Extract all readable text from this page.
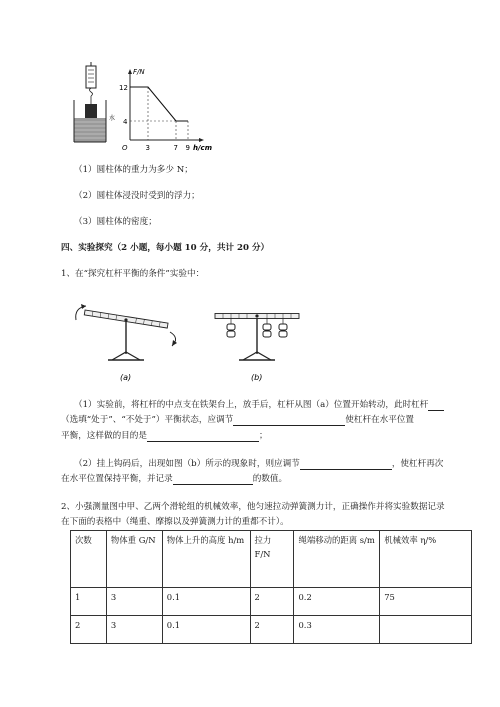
水
F/N
12
4
O	3	7 9 h/cm
（1）圆柱体的重力为多少 N；
（2）圆柱体浸没时受到的浮力；
（3）圆柱体的密度；
四、实验探究（2 小题，每小题 10 分，共计 20 分）
1、在“探究杠杆平衡的条件”实验中：
(a)	(b)
（1）实验前，将杠杆的中点支在铁架台上，放手后，杠杆从图（a）位置开始转动，此时杠杆
（选填“处于”、“不处于”）平衡状态，应调节	使杠杆在水平位置
平衡，这样做的目的是	；
（2）挂上钩码后，出现如图（b）所示的现象时，则应调节	，使杠杆再次
在水平位置保持平衡，并记录	的数值。
2、小强测量图中甲、乙两个滑轮组的机械效率，他匀速拉动弹簧测力计，正确操作并将实验数据记录
在下面的表格中（绳重、摩擦以及弹簧测力计的重都不计）。
次数	物体重 G/N	物体上升的高度 h/m	拉力 F/N	绳端移动的距离 s/m	机械效率 η/%
1	3	0.1	2	0.2	75
2	3	0.1	2	0.3	
